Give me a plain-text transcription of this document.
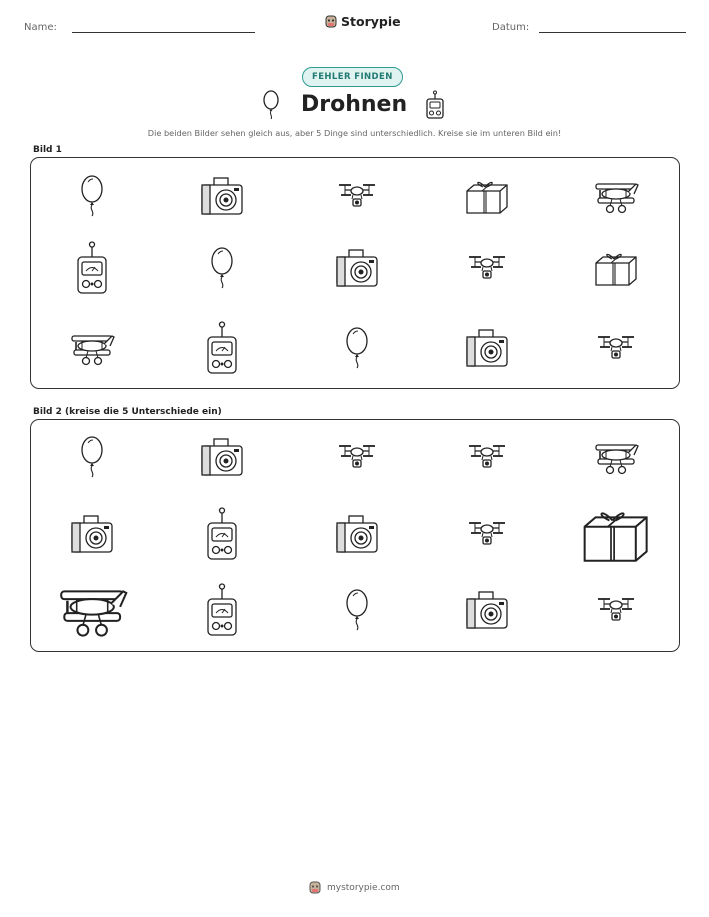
Name:	Storypie	Datum:
FEHLER FINDEN
Drohnen
Die beiden Bilder sehen gleich aus, aber 5 Dinge sind unterschiedlich. Kreise sie im unteren Bild ein!
Bild 1
Bild 2 (kreise die 5 Unterschiede ein)
mystorypie.com
